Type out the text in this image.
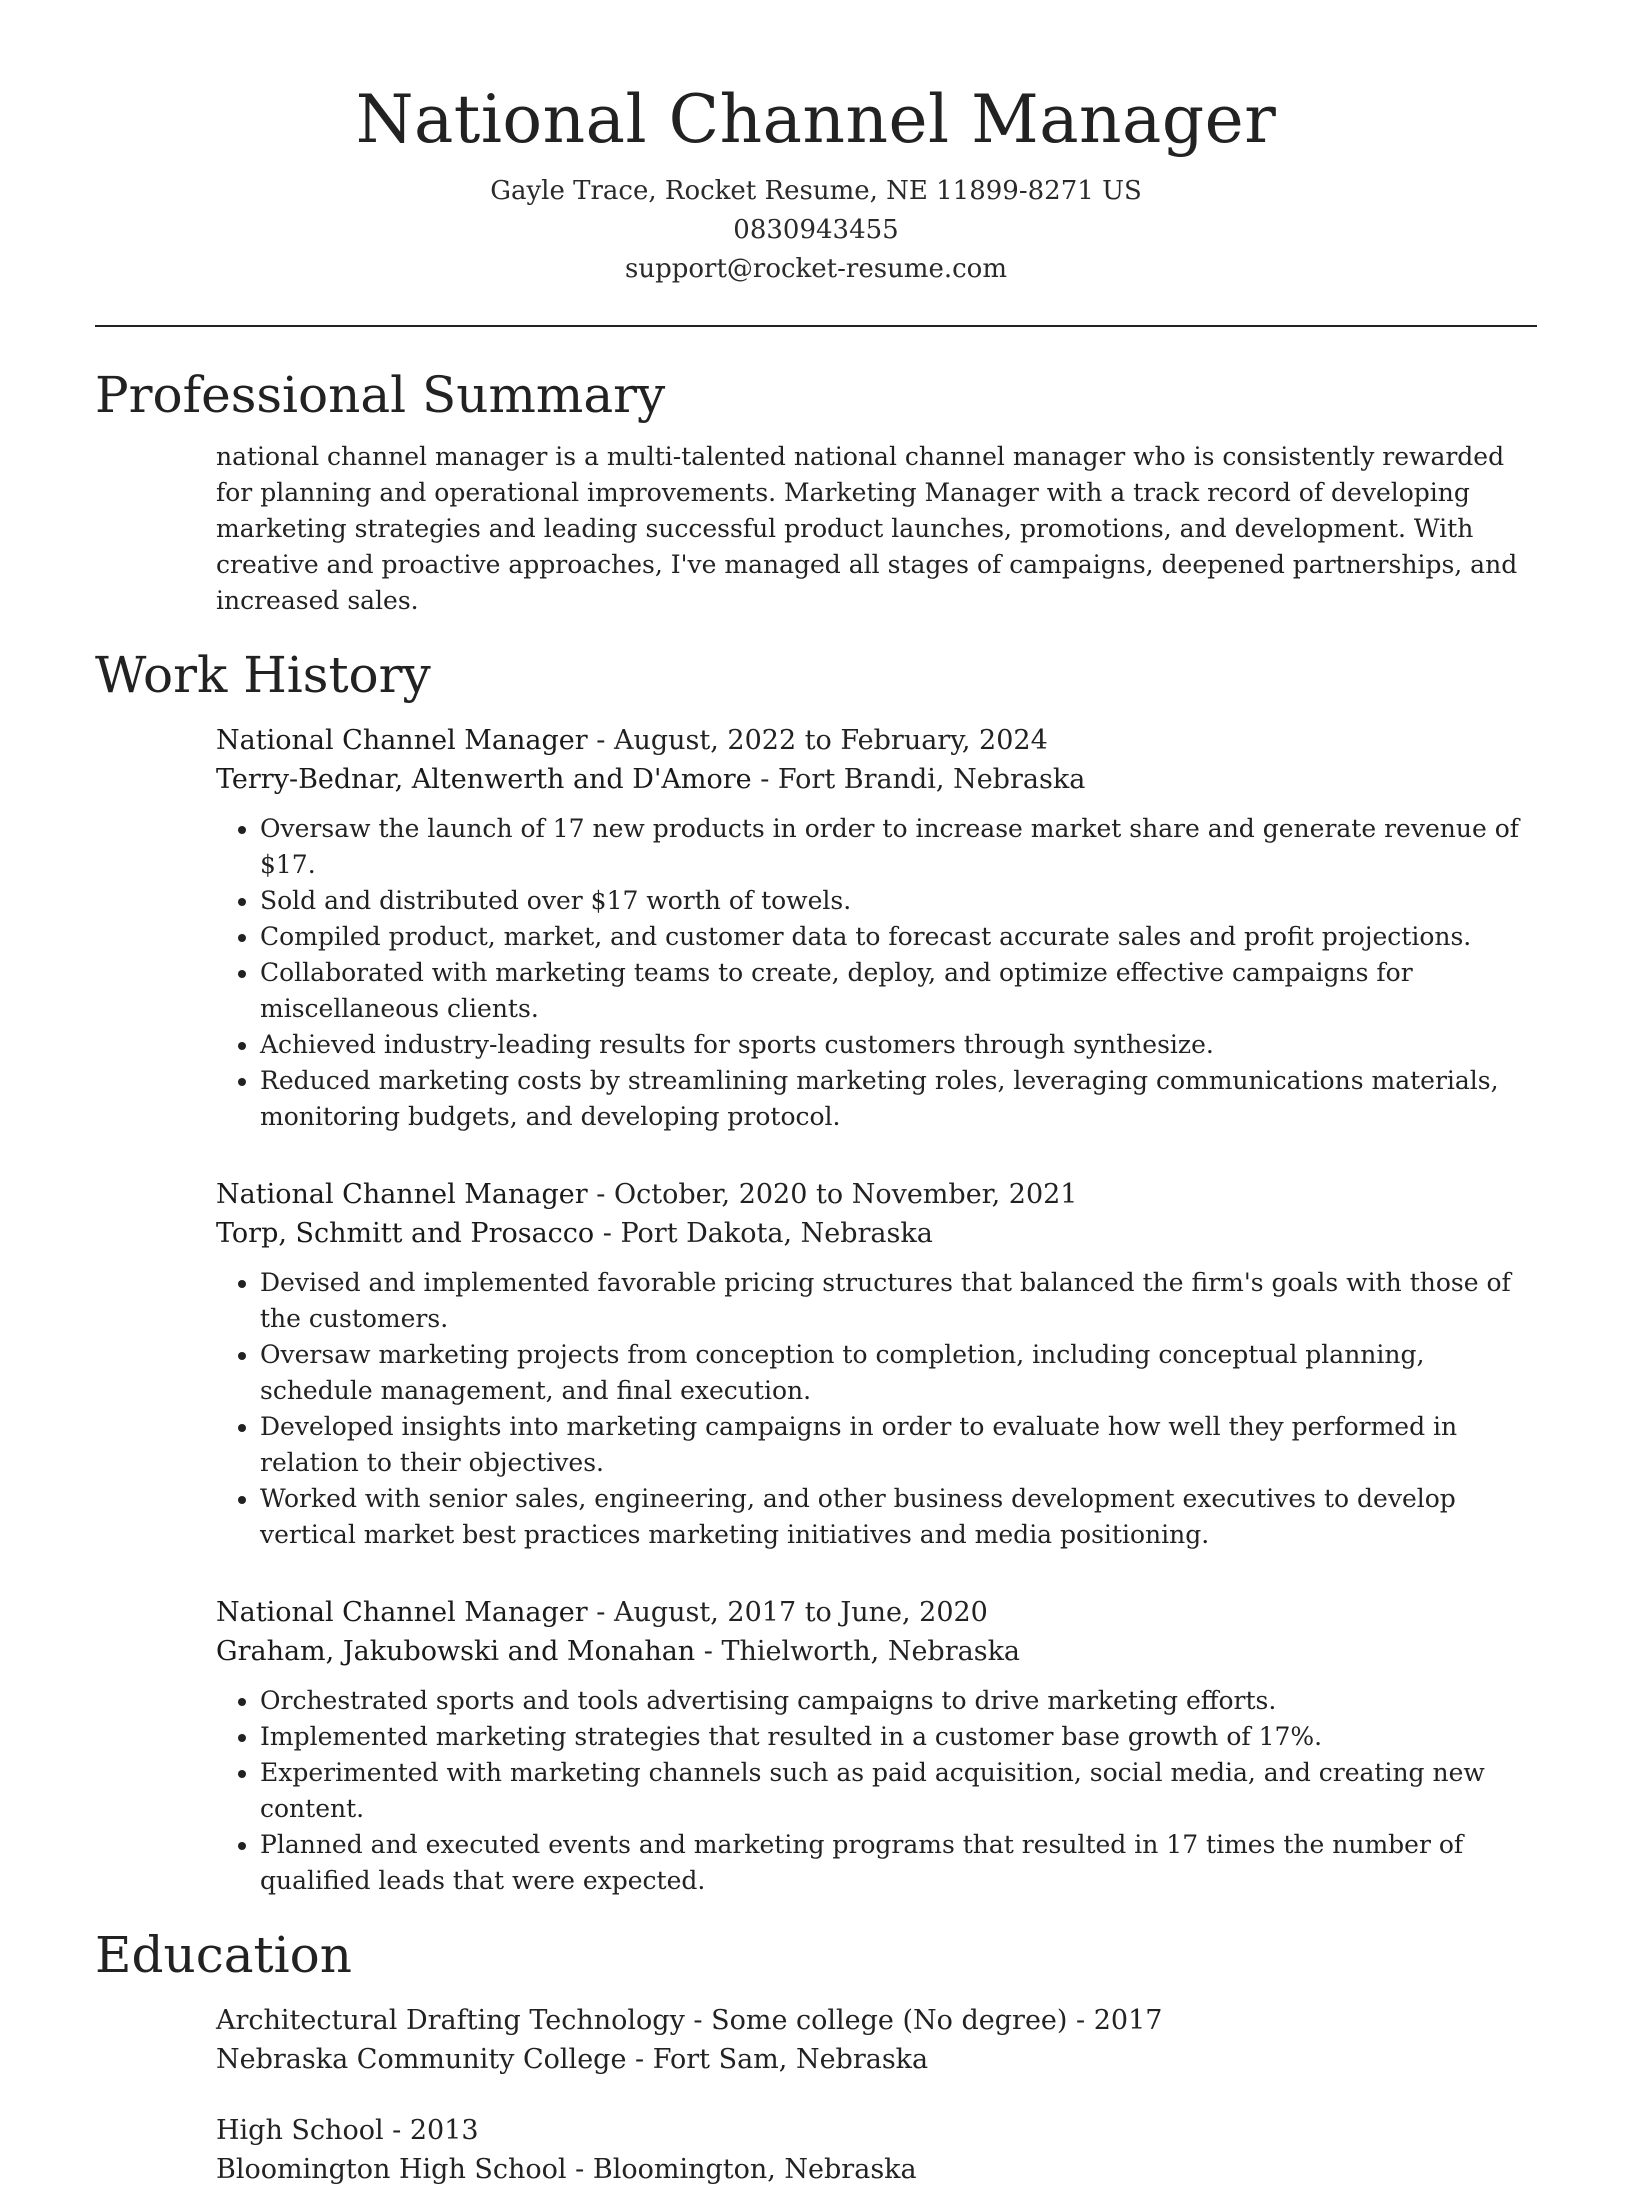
National Channel Manager
Gayle Trace, Rocket Resume, NE 11899-8271 US
0830943455
support@rocket-resume.com
Professional Summary

national channel manager is a multi-talented national channel manager who is consistently rewarded for planning and operational improvements. Marketing Manager with a track record of developing marketing strategies and leading successful product launches, promotions, and development. With creative and proactive approaches, I've managed all stages of campaigns, deepened partnerships, and increased sales.

Work History
National Channel Manager - August, 2022 to February, 2024
Terry-Bednar, Altenwerth and D'Amore - Fort Brandi, Nebraska
• Oversaw the launch of 17 new products in order to increase market share and generate revenue of $17.
• Sold and distributed over $17 worth of towels.
• Compiled product, market, and customer data to forecast accurate sales and profit projections.
• Collaborated with marketing teams to create, deploy, and optimize effective campaigns for miscellaneous clients.
• Achieved industry-leading results for sports customers through synthesize.
• Reduced marketing costs by streamlining marketing roles, leveraging communications materials, monitoring budgets, and developing protocol.
National Channel Manager - October, 2020 to November, 2021
Torp, Schmitt and Prosacco - Port Dakota, Nebraska
• Devised and implemented favorable pricing structures that balanced the firm's goals with those of the customers.
• Oversaw marketing projects from conception to completion, including conceptual planning, schedule management, and final execution.
• Developed insights into marketing campaigns in order to evaluate how well they performed in relation to their objectives.
• Worked with senior sales, engineering, and other business development executives to develop vertical market best practices marketing initiatives and media positioning.
National Channel Manager - August, 2017 to June, 2020
Graham, Jakubowski and Monahan - Thielworth, Nebraska
• Orchestrated sports and tools advertising campaigns to drive marketing efforts.
• Implemented marketing strategies that resulted in a customer base growth of 17%.
• Experimented with marketing channels such as paid acquisition, social media, and creating new content.
• Planned and executed events and marketing programs that resulted in 17 times the number of qualified leads that were expected.
Education
Architectural Drafting Technology - Some college (No degree) - 2017
Nebraska Community College - Fort Sam, Nebraska
High School - 2013
Bloomington High School - Bloomington, Nebraska
